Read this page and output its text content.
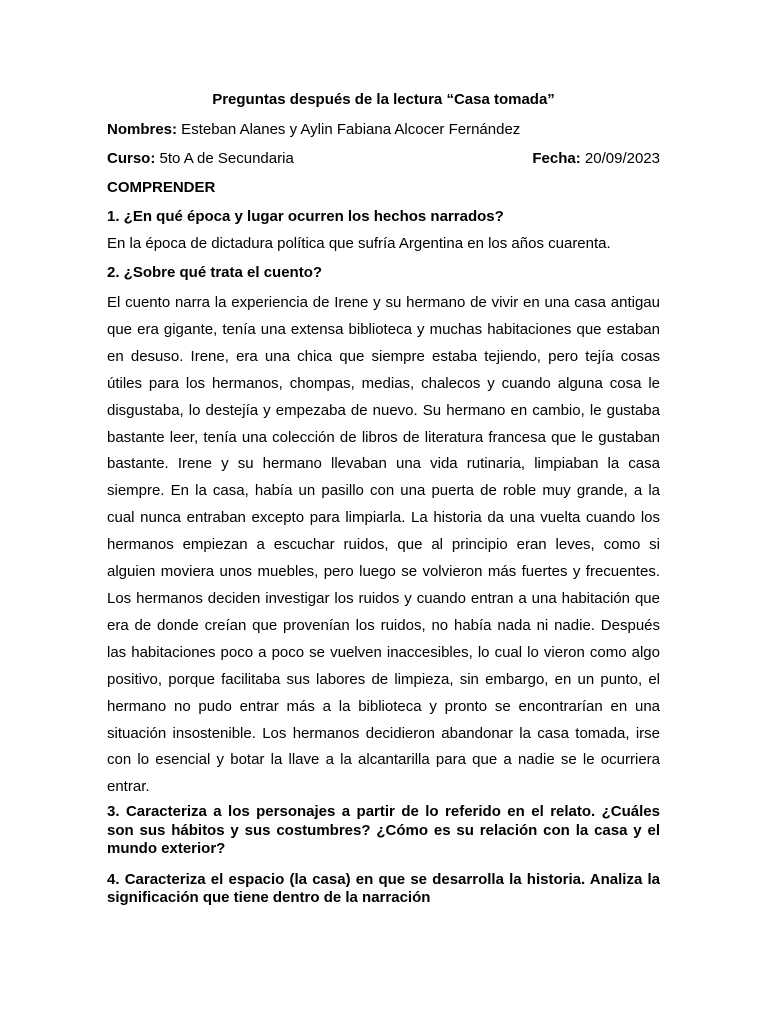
Preguntas después de la lectura “Casa tomada”
Nombres: Esteban Alanes y Aylin Fabiana Alcocer Fernández
Curso: 5to A de Secundaria	Fecha: 20/09/2023
COMPRENDER
1. ¿En qué época y lugar ocurren los hechos narrados?
En la época de dictadura política que sufría Argentina en los años cuarenta.
2. ¿Sobre qué trata el cuento?
El cuento narra la experiencia de Irene y su hermano de vivir en una casa antigau que era gigante, tenía una extensa biblioteca y muchas habitaciones que estaban en desuso. Irene, era una chica que siempre estaba tejiendo, pero tejía cosas útiles para los hermanos, chompas, medias, chalecos y cuando alguna cosa le disgustaba, lo destejía y empezaba de nuevo. Su hermano en cambio, le gustaba bastante leer, tenía una colección de libros de literatura francesa que le gustaban bastante. Irene y su hermano llevaban una vida rutinaria, limpiaban la casa siempre. En la casa, había un pasillo con una puerta de roble muy grande, a la cual nunca entraban excepto para limpiarla. La historia da una vuelta cuando los hermanos empiezan a escuchar ruidos, que al principio eran leves, como si alguien moviera unos muebles, pero luego se volvieron más fuertes y frecuentes. Los hermanos deciden investigar los ruidos y cuando entran a una habitación que era de donde creían que provenían los ruidos, no había nada ni nadie. Después las habitaciones poco a poco se vuelven inaccesibles, lo cual lo vieron como algo positivo, porque facilitaba sus labores de limpieza, sin embargo, en un punto, el hermano no pudo entrar más a la biblioteca y pronto se encontrarían en una situación insostenible. Los hermanos decidieron abandonar la casa tomada, irse con lo esencial y botar la llave a la alcantarilla para que a nadie se le ocurriera entrar.
3. Caracteriza a los personajes a partir de lo referido en el relato. ¿Cuáles son sus hábitos y sus costumbres? ¿Cómo es su relación con la casa y el mundo exterior?
4. Caracteriza el espacio (la casa) en que se desarrolla la historia. Analiza la significación que tiene dentro de la narración
